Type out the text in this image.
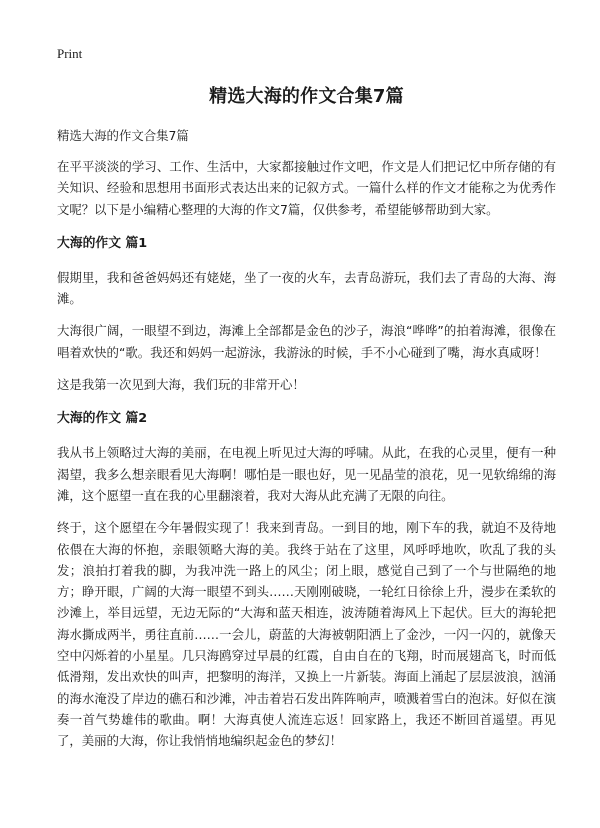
Print
精选大海的作文合集7篇
精选大海的作文合集7篇

在平平淡淡的学习、工作、生活中，大家都接触过作文吧，作文是人们把记忆中所存储的有关知识、经验和思想用书面形式表达出来的记叙方式。一篇什么样的作文才能称之为优秀作文呢？以下是小编精心整理的大海的作文7篇，仅供参考，希望能够帮助到大家。

大海的作文 篇1

假期里，我和爸爸妈妈还有姥姥，坐了一夜的火车，去青岛游玩，我们去了青岛的大海、海滩。

大海很广阔，一眼望不到边，海滩上全部都是金色的沙子，海浪“哗哗”的拍着海滩，很像在唱着欢快的“歌。我还和妈妈一起游泳，我游泳的时候，手不小心碰到了嘴，海水真咸呀！

这是我第一次见到大海，我们玩的非常开心！

大海的作文 篇2

我从书上领略过大海的美丽，在电视上听见过大海的呼啸。从此，在我的心灵里，便有一种渴望，我多么想亲眼看见大海啊！哪怕是一眼也好，见一见晶莹的浪花，见一见软绵绵的海滩，这个愿望一直在我的心里翻滚着，我对大海从此充满了无限的向往。

终于，这个愿望在今年暑假实现了！我来到青岛。一到目的地，刚下车的我，就迫不及待地依偎在大海的怀抱，亲眼领略大海的美。我终于站在了这里，风呼呼地吹，吹乱了我的头发；浪拍打着我的脚，为我冲洗一路上的风尘；闭上眼，感觉自己到了一个与世隔绝的地方；睁开眼，广阔的大海一眼望不到头……天刚刚破晓，一轮红日徐徐上升，漫步在柔软的沙滩上，举目远望，无边无际的“大海和蓝天相连，波涛随着海风上下起伏。巨大的海轮把海水撕成两半，勇往直前……一会儿，蔚蓝的大海被朝阳洒上了金沙，一闪一闪的，就像天空中闪烁着的小星星。几只海鸥穿过早晨的红霞，自由自在的飞翔，时而展翅高飞，时而低低滑翔，发出欢快的叫声，把黎明的海洋，又换上一片新装。海面上涌起了层层波浪，汹涌的海水淹没了岸边的礁石和沙滩，冲击着岩石发出阵阵响声，喷溅着雪白的泡沫。好似在演奏一首气势雄伟的歌曲。啊！大海真使人流连忘返！回家路上，我还不断回首遥望。再见了，美丽的大海，你让我悄悄地编织起金色的梦幻！
